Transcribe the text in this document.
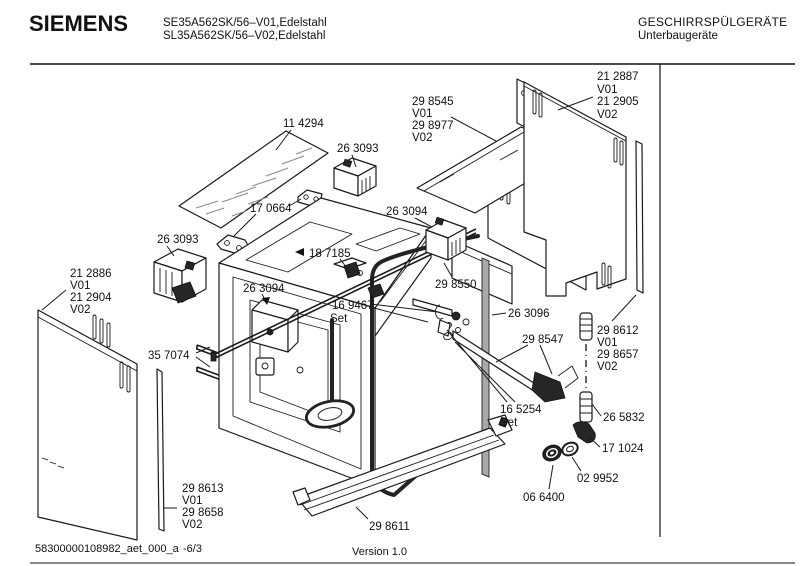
SIEMENS	SE35A562SK/56–V01,Edelstahl
SL35A562SK/56–V02,Edelstahl
GESCHIRRSPÜLGERÄTE
Unterbaugeräte
11 4294
26 3093
29 8545
V01
29 8977
V02
21 2887
V01
21 2905
V02
17 0664
26 3093
26 3094
18 7185
21 2886
V01
21 2904
V02
26 3094
16 9467
Set
29 8550
26 3096
29 8612
V01
29 8657
V02
29 8547
35 7074
16 5254
Set	26 5832
17 1024
02 9952
06 6400
29 8613
V01
29 8658
V02	29 8611
58300000108982_aet_000_a -6/3	Version 1.0
